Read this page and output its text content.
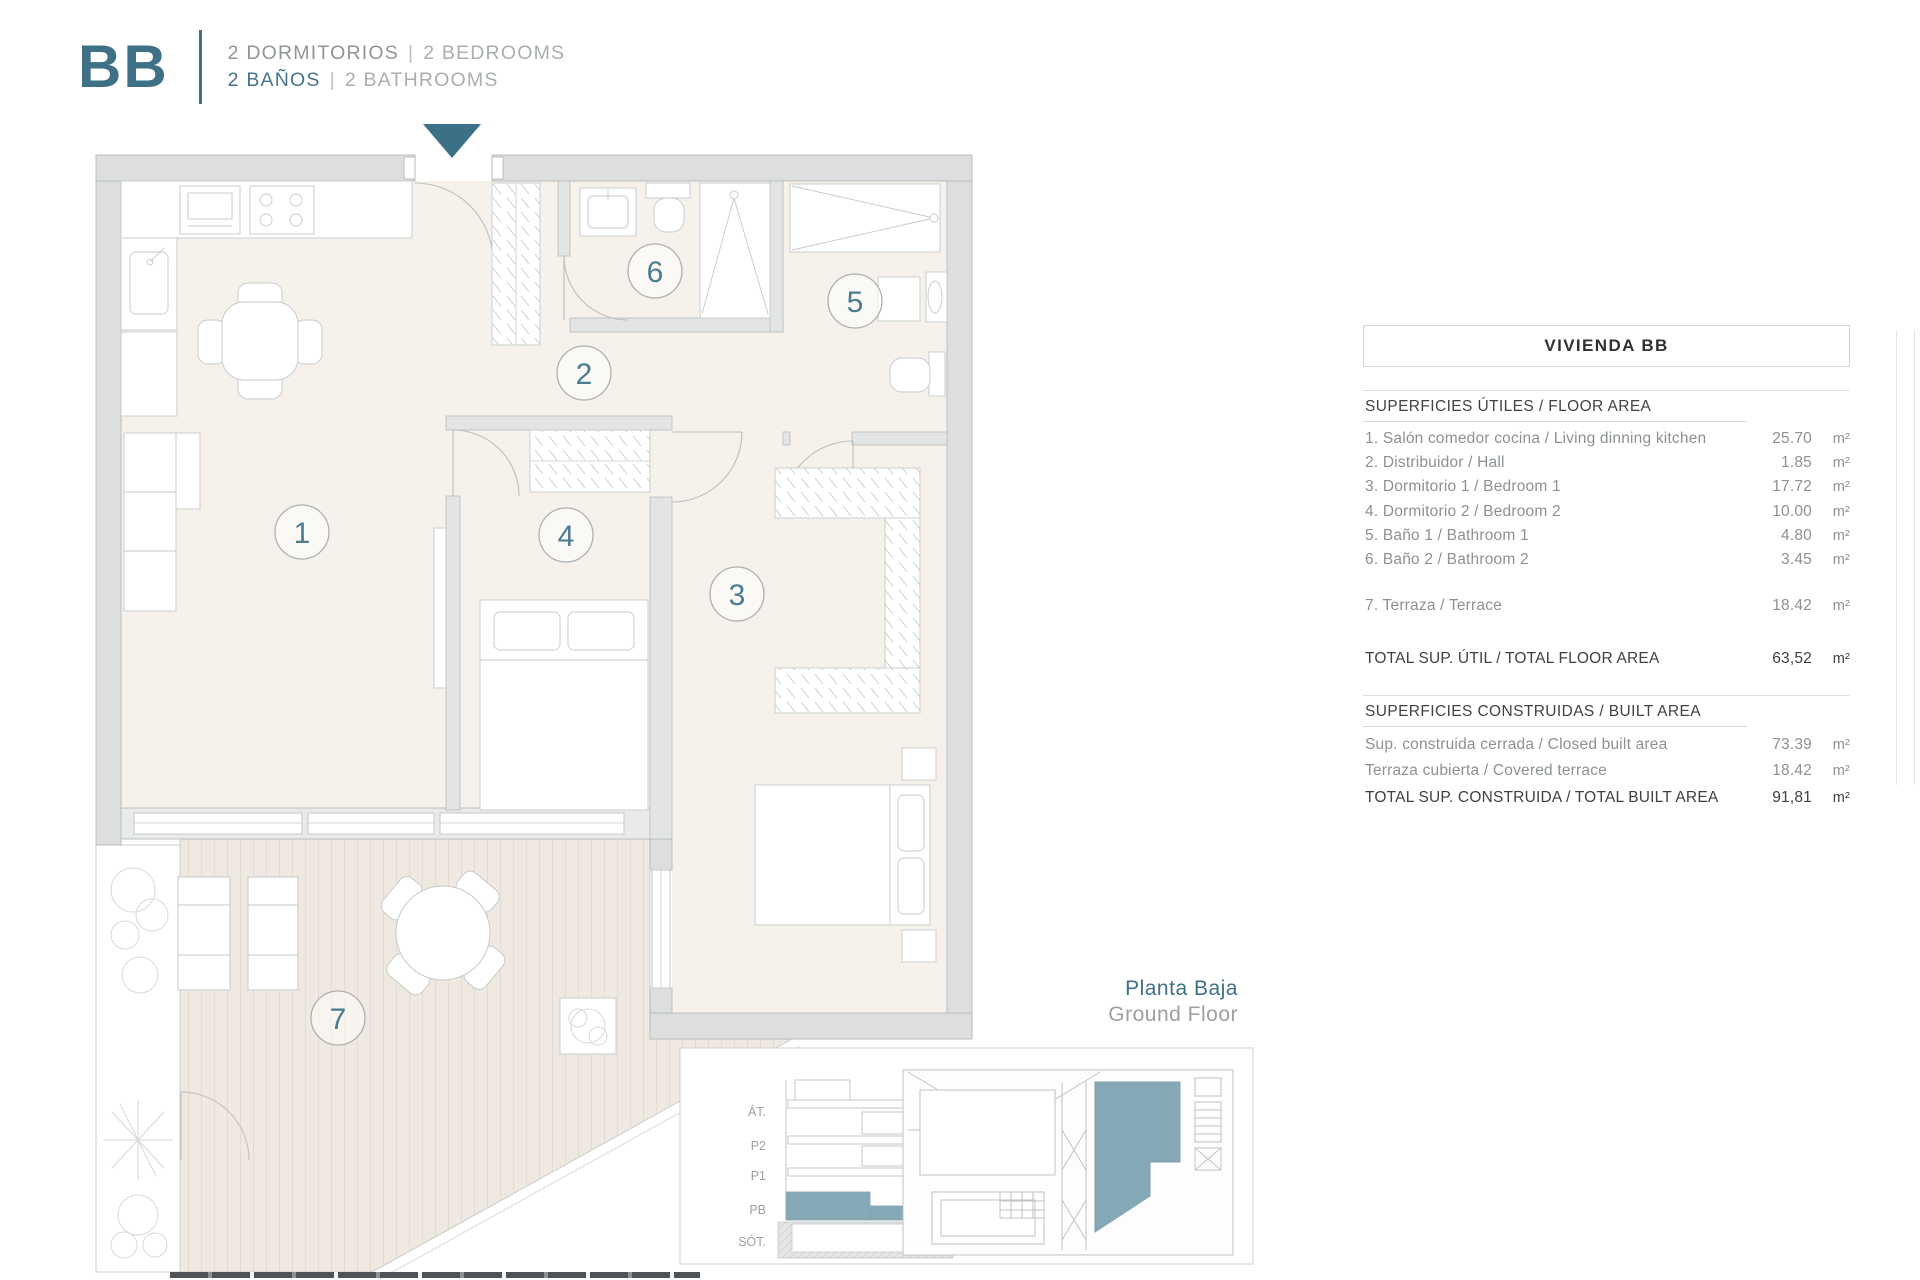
BB	2 DORMITORIOS | 2 BEDROOMS
2 BAÑOS | 2 BATHROOMS
1
2
3
4
5
6
7
ÁT.
P2
P1
PB
SÓT.
VIVIENDA BB
SUPERFICIES ÚTILES / FLOOR AREA
1. Salón comedor cocina / Living dinning kitchen	25.70	m²
2. Distribuidor / Hall	1.85	m²
3. Dormitorio 1 / Bedroom 1	17.72	m²
4. Dormitorio 2 / Bedroom 2	10.00	m²
5. Baño 1 / Bathroom 1	4.80	m²
6. Baño 2 / Bathroom 2	3.45	m²
7. Terraza / Terrace	18.42	m²
TOTAL SUP. ÚTIL / TOTAL FLOOR AREA	63,52	m²
SUPERFICIES CONSTRUIDAS / BUILT AREA
Sup. construida cerrada / Closed built area	73.39	m²
Terraza cubierta / Covered terrace	18.42	m²
TOTAL SUP. CONSTRUIDA / TOTAL BUILT AREA	91,81	m²
Planta Baja
Ground Floor
